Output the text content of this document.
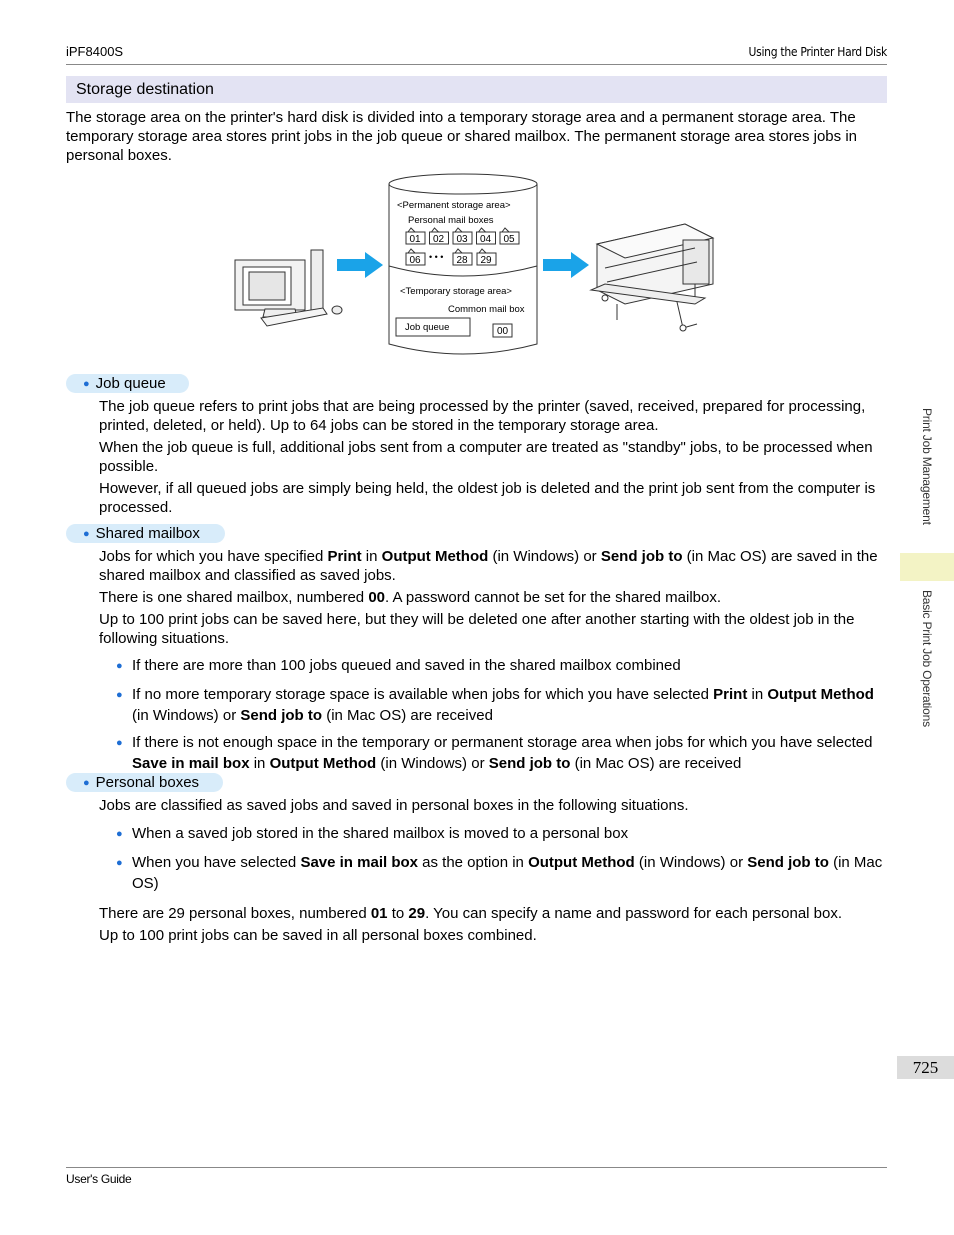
iPF8400S	Using the Printer Hard Disk
Storage destination
The storage area on the printer's hard disk is divided into a temporary storage area and a permanent storage area. The temporary storage area stores print jobs in the job queue or shared mailbox. The permanent storage area stores jobs in personal boxes.
<Permanent storage area>
Personal mail boxes
01 02 03 04 05
06 • • • 28 29
<Temporary storage area>
Common mail box
Job queue	00
● Job queue

The job queue refers to print jobs that are being processed by the printer (saved, received, prepared for processing, printed, deleted, or held). Up to 64 jobs can be stored in the temporary storage area.

When the job queue is full, additional jobs sent from a computer are treated as "standby" jobs, to be processed when possible.

However, if all queued jobs are simply being held, the oldest job is deleted and the print job sent from the computer is processed.

● Shared mailbox

Jobs for which you have specified Print in Output Method (in Windows) or Send job to (in Mac OS) are saved in the shared mailbox and classified as saved jobs.

There is one shared mailbox, numbered 00. A password cannot be set for the shared mailbox.

Up to 100 print jobs can be saved here, but they will be deleted one after another starting with the oldest job in the following situations.

● If there are more than 100 jobs queued and saved in the shared mailbox combined
● If no more temporary storage space is available when jobs for which you have selected Print in Output Method (in Windows) or Send job to (in Mac OS) are received
● If there is not enough space in the temporary or permanent storage area when jobs for which you have selected Save in mail box in Output Method (in Windows) or Send job to (in Mac OS) are received
● Personal boxes
Jobs are classified as saved jobs and saved in personal boxes in the following situations.
● When a saved job stored in the shared mailbox is moved to a personal box
● When you have selected Save in mail box as the option in Output Method (in Windows) or Send job to (in Mac OS)

There are 29 personal boxes, numbered 01 to 29. You can specify a name and password for each personal box.

Up to 100 print jobs can be saved in all personal boxes combined.

Print Job Management
Basic Print Job Operations
725
User's Guide
